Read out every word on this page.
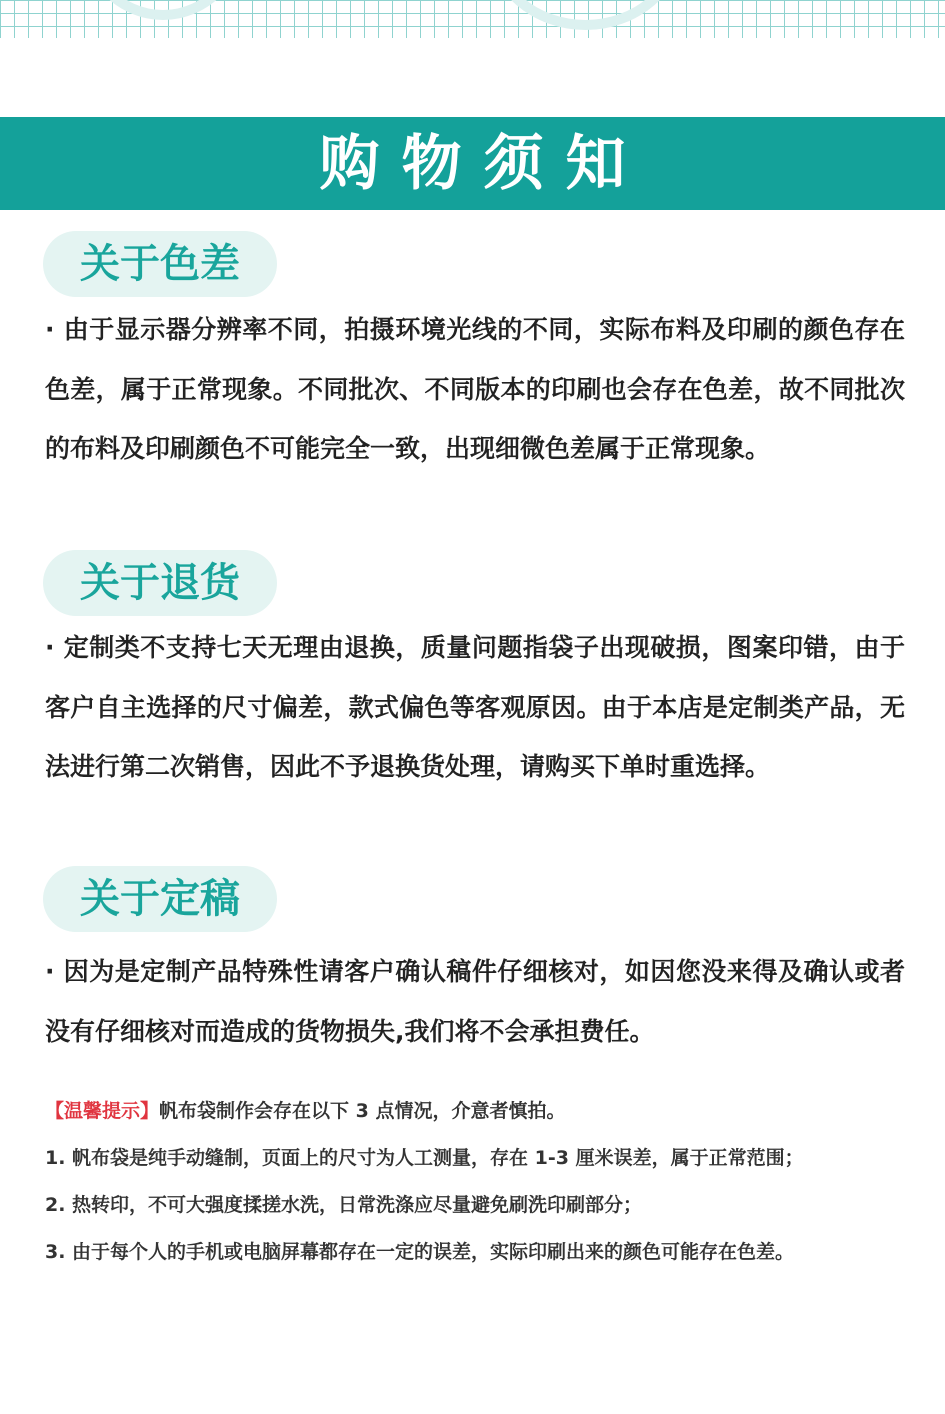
购物须知
关于色差

· 由于显示器分辨率不同，拍摄环境光线的不同，实际布料及印刷的颜色存在色差，属于正常现象。不同批次、不同版本的印刷也会存在色差，故不同批次的布料及印刷颜色不可能完全一致，出现细微色差属于正常现象。

关于退货

· 定制类不支持七天无理由退换，质量问题指袋子出现破损，图案印错，由于客户自主选择的尺寸偏差，款式偏色等客观原因。由于本店是定制类产品，无法进行第二次销售，因此不予退换货处理，请购买下单时重选择。

关于定稿

· 因为是定制产品特殊性请客户确认稿件仔细核对，如因您没来得及确认或者没有仔细核对而造成的货物损失,我们将不会承担费任。

【温馨提示】帆布袋制作会存在以下 3 点情况，介意者慎拍。

1. 帆布袋是纯手动缝制，页面上的尺寸为人工测量，存在 1-3 厘米误差，属于正常范围；

2. 热转印，不可大强度揉搓水洗，日常洗涤应尽量避免刷洗印刷部分；

3. 由于每个人的手机或电脑屏幕都存在一定的误差，实际印刷出来的颜色可能存在色差。
